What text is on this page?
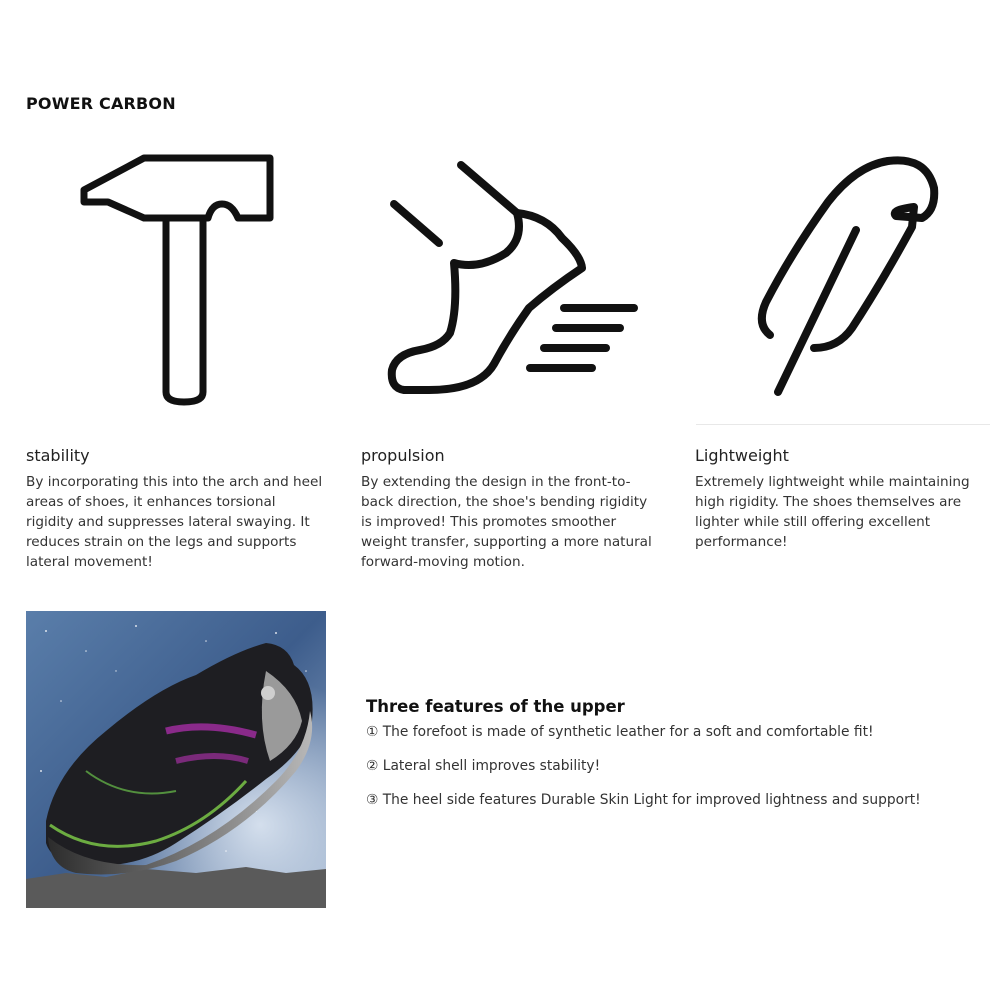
POWER CARBON
stability
By incorporating this into the arch and heel areas of shoes, it enhances torsional rigidity and suppresses lateral swaying. It reduces strain on the legs and supports lateral movement!
propulsion
By extending the design in the front-to-back direction, the shoe's bending rigidity is improved! This promotes smoother weight transfer, supporting a more natural forward-moving motion.
Lightweight
Extremely lightweight while maintaining high rigidity. The shoes themselves are lighter while still offering excellent performance!
Three features of the upper
① The forefoot is made of synthetic leather for a soft and comfortable fit!
② Lateral shell improves stability!
③ The heel side features Durable Skin Light for improved lightness and support!
